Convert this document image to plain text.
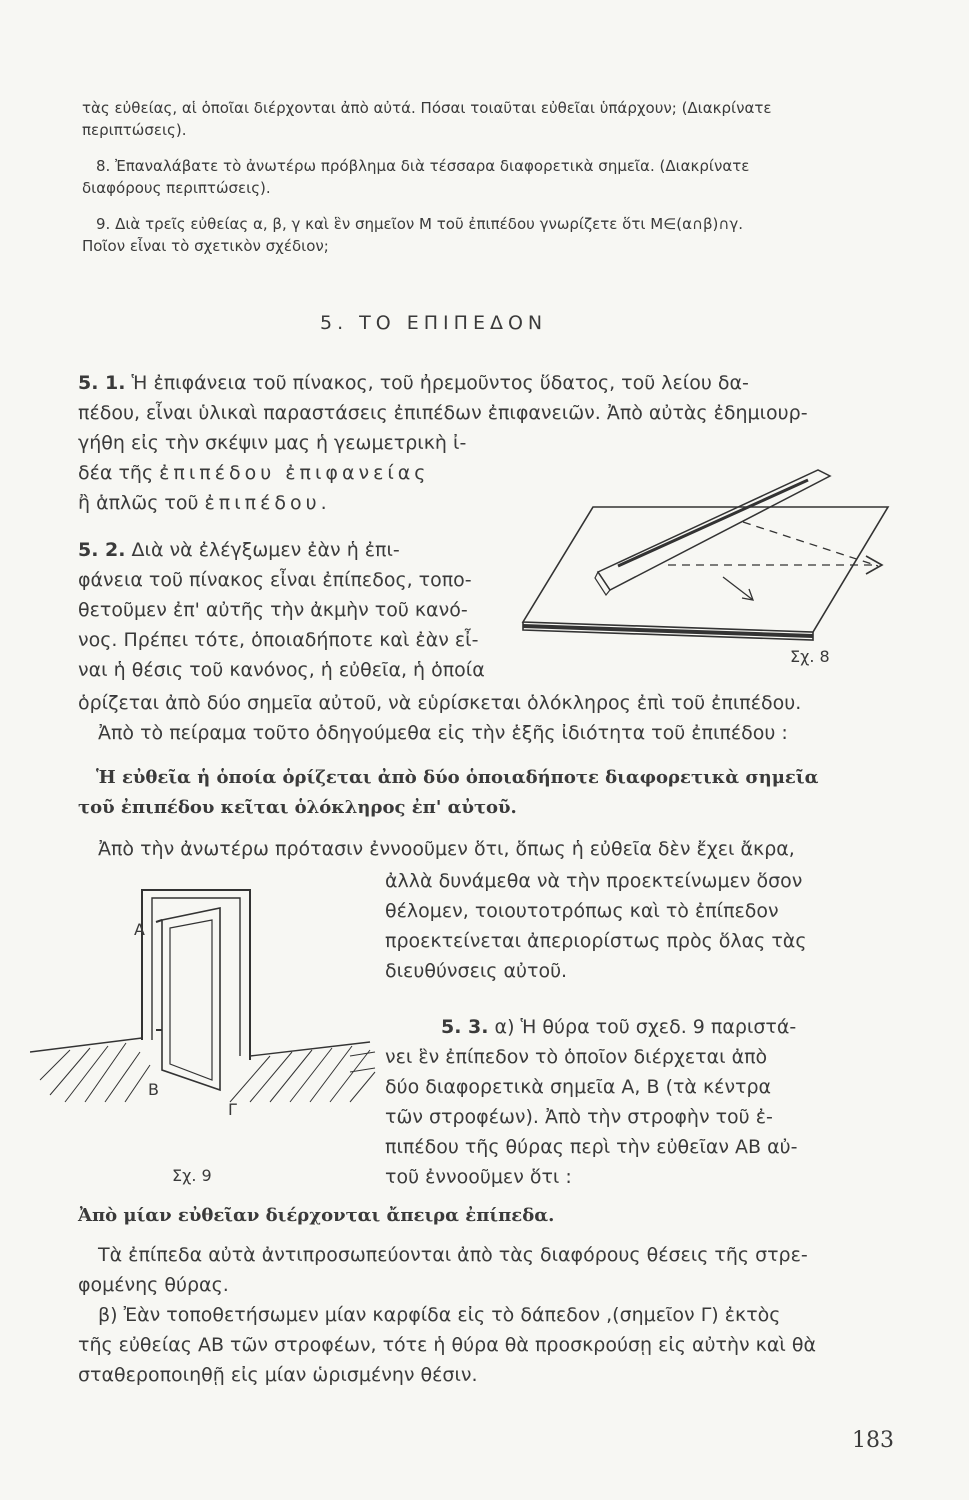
τὰς εὐθείας, αἱ ὁποῖαι διέρχονται ἀπὸ αὐτά. Πόσαι τοιαῦται εὐθεῖαι ὑπάρχουν; (Διακρίνατε
περιπτώσεις).
8. Ἐπαναλάβατε τὸ ἀνωτέρω πρόβλημα διὰ τέσσαρα διαφορετικὰ σημεῖα. (Διακρίνατε
διαφόρους περιπτώσεις).
9. Διὰ τρεῖς εὐθείας α, β, γ καὶ ἓν σημεῖον Μ τοῦ ἐπιπέδου γνωρίζετε ὅτι Μ∈(α∩β)∩γ.
Ποῖον εἶναι τὸ σχετικὸν σχέδιον;
5. ΤΟ ΕΠΙΠΕΔΟΝ
5. 1. Ἡ ἐπιφάνεια τοῦ πίνακος, τοῦ ἠρεμοῦντος ὕδατος, τοῦ λείου δα-
πέδου, εἶναι ὑλικαὶ παραστάσεις ἐπιπέδων ἐπιφανειῶν. Ἀπὸ αὐτὰς ἐδημιουρ-
γήθη εἰς τὴν σκέψιν μας ἡ γεωμετρικὴ ἰ-
δέα τῆς ἐπιπέδου ἐπιφανείας
ἢ ἁπλῶς τοῦ ἐπιπέδου.
Σχ. 8
5. 2. Διὰ νὰ ἐλέγξωμεν ἐὰν ἡ ἐπι-
φάνεια τοῦ πίνακος εἶναι ἐπίπεδος, τοπο-
θετοῦμεν ἐπ' αὐτῆς τὴν ἀκμὴν τοῦ κανό-
νος. Πρέπει τότε, ὁποιαδήποτε καὶ ἐὰν εἶ-
ναι ἡ θέσις τοῦ κανόνος, ἡ εὐθεῖα, ἡ ὁποία
ὁρίζεται ἀπὸ δύο σημεῖα αὐτοῦ, νὰ εὑρίσκεται ὁλόκληρος ἐπὶ τοῦ ἐπιπέδου.
Ἀπὸ τὸ πείραμα τοῦτο ὁδηγούμεθα εἰς τὴν ἑξῆς ἰδιότητα τοῦ ἐπιπέδου :
Ἡ εὐθεῖα ἡ ὁποία ὁρίζεται ἀπὸ δύο ὁποιαδήποτε διαφορετικὰ σημεῖα
τοῦ ἐπιπέδου κεῖται ὁλόκληρος ἐπ' αὐτοῦ.
Ἀπὸ τὴν ἀνωτέρω πρότασιν ἐννοοῦμεν ὅτι, ὅπως ἡ εὐθεῖα δὲν ἔχει ἄκρα,
ἀλλὰ δυνάμεθα νὰ τὴν προεκτείνωμεν ὅσον
θέλομεν, τοιουτοτρόπως καὶ τὸ ἐπίπεδον
προεκτείνεται ἀπεριορίστως πρὸς ὅλας τὰς
διευθύνσεις αὐτοῦ.
5. 3. α) Ἡ θύρα τοῦ σχεδ. 9 παριστά-
νει ἓν ἐπίπεδον τὸ ὁποῖον διέρχεται ἀπὸ
δύο διαφορετικὰ σημεῖα Α, Β (τὰ κέντρα
τῶν στροφέων). Ἀπὸ τὴν στροφὴν τοῦ ἐ-
πιπέδου τῆς θύρας περὶ τὴν εὐθεῖαν ΑΒ αὐ-
τοῦ ἐννοοῦμεν ὅτι :
Α
Β
Γ
Σχ. 9
Ἀπὸ μίαν εὐθεῖαν διέρχονται ἄπειρα ἐπίπεδα.
Τὰ ἐπίπεδα αὐτὰ ἀντιπροσωπεύονται ἀπὸ τὰς διαφόρους θέσεις τῆς στρε-
φομένης θύρας.
β) Ἐὰν τοποθετήσωμεν μίαν καρφίδα εἰς τὸ δάπεδον ,(σημεῖον Γ) ἐκτὸς
τῆς εὐθείας ΑΒ τῶν στροφέων, τότε ἡ θύρα θὰ προσκρούσῃ εἰς αὐτὴν καὶ θὰ
σταθεροποιηθῇ εἰς μίαν ὡρισμένην θέσιν.
183
